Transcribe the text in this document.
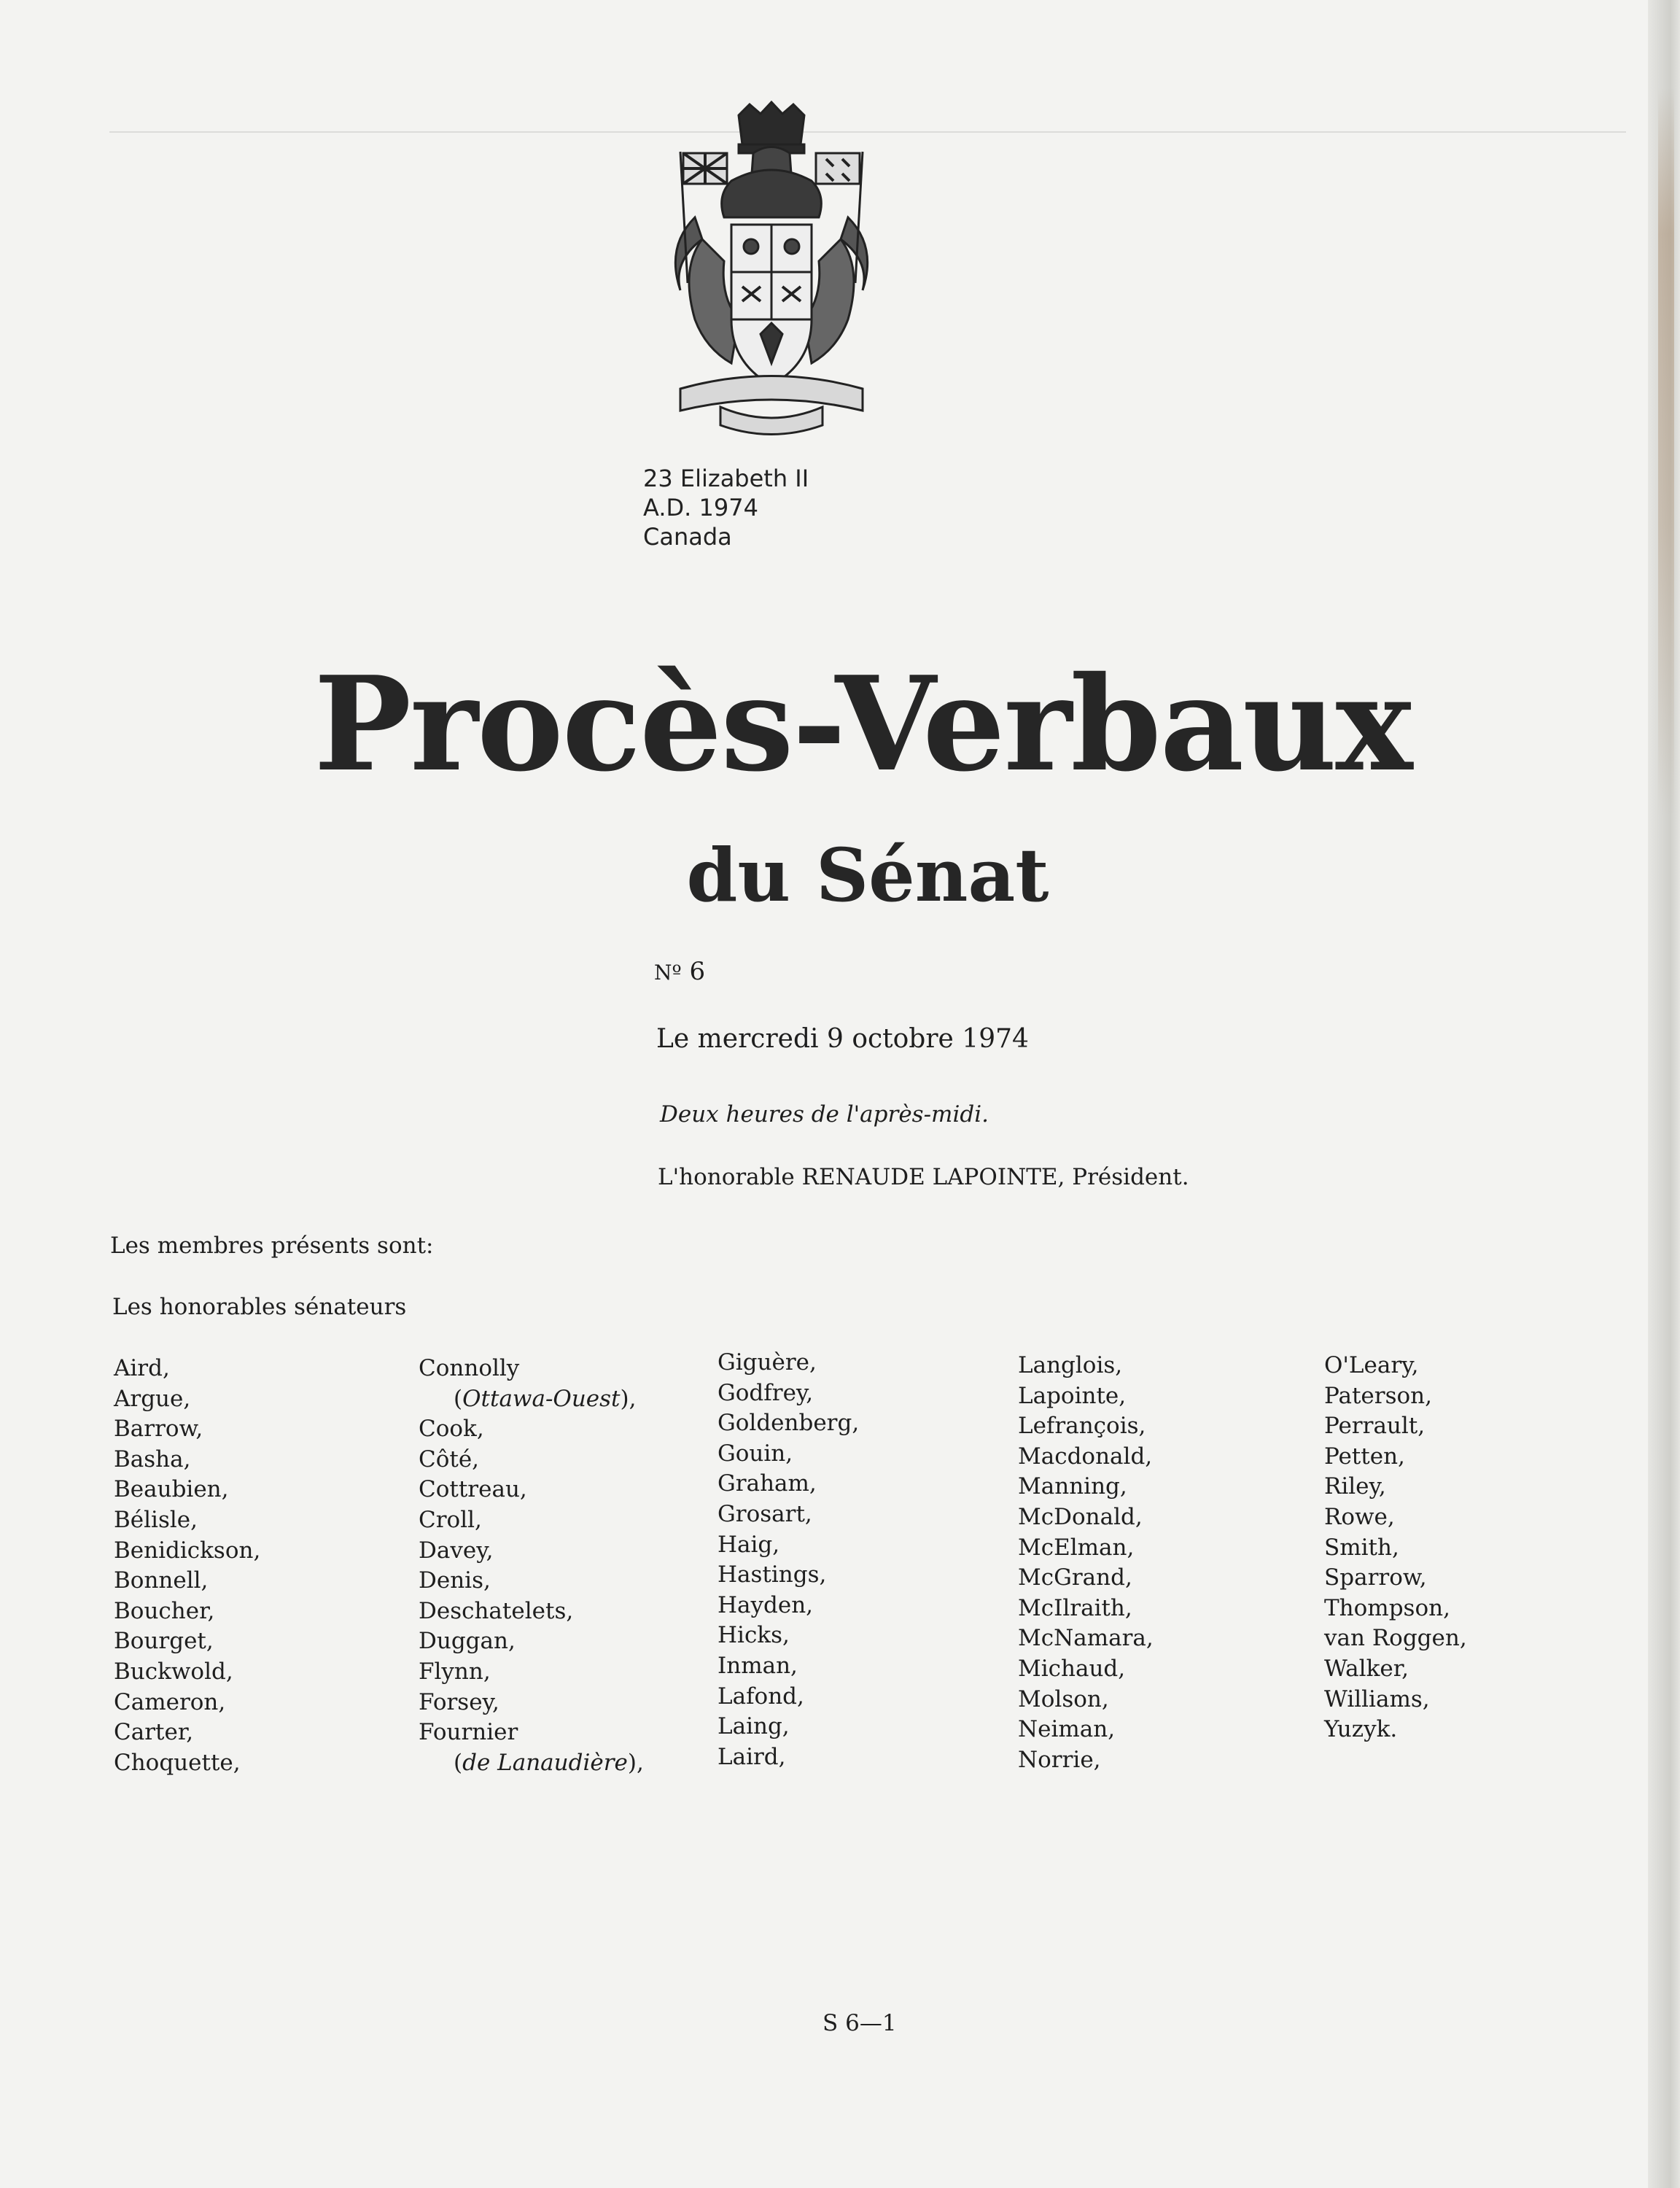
23 Elizabeth II
A.D. 1974
Canada
Procès-Verbaux
du Sénat
Nº 6
Le mercredi 9 octobre 1974
Deux heures de l'après-midi.
L'honorable RENAUDE LAPOINTE, Président.
Les membres présents sont:
Les honorables sénateurs
Aird,
Argue,
Barrow,
Basha,
Beaubien,
Bélisle,
Benidickson,
Bonnell,
Boucher,
Bourget,
Buckwold,
Cameron,
Carter,
Choquette,
Connolly
(Ottawa-Ouest),
Cook,
Côté,
Cottreau,
Croll,
Davey,
Denis,
Deschatelets,
Duggan,
Flynn,
Forsey,
Fournier
(de Lanaudière),
Giguère,
Godfrey,
Goldenberg,
Gouin,
Graham,
Grosart,
Haig,
Hastings,
Hayden,
Hicks,
Inman,
Lafond,
Laing,
Laird,
Langlois,
Lapointe,
Lefrançois,
Macdonald,
Manning,
McDonald,
McElman,
McGrand,
McIlraith,
McNamara,
Michaud,
Molson,
Neiman,
Norrie,
O'Leary,
Paterson,
Perrault,
Petten,
Riley,
Rowe,
Smith,
Sparrow,
Thompson,
van Roggen,
Walker,
Williams,
Yuzyk.
S 6—1
